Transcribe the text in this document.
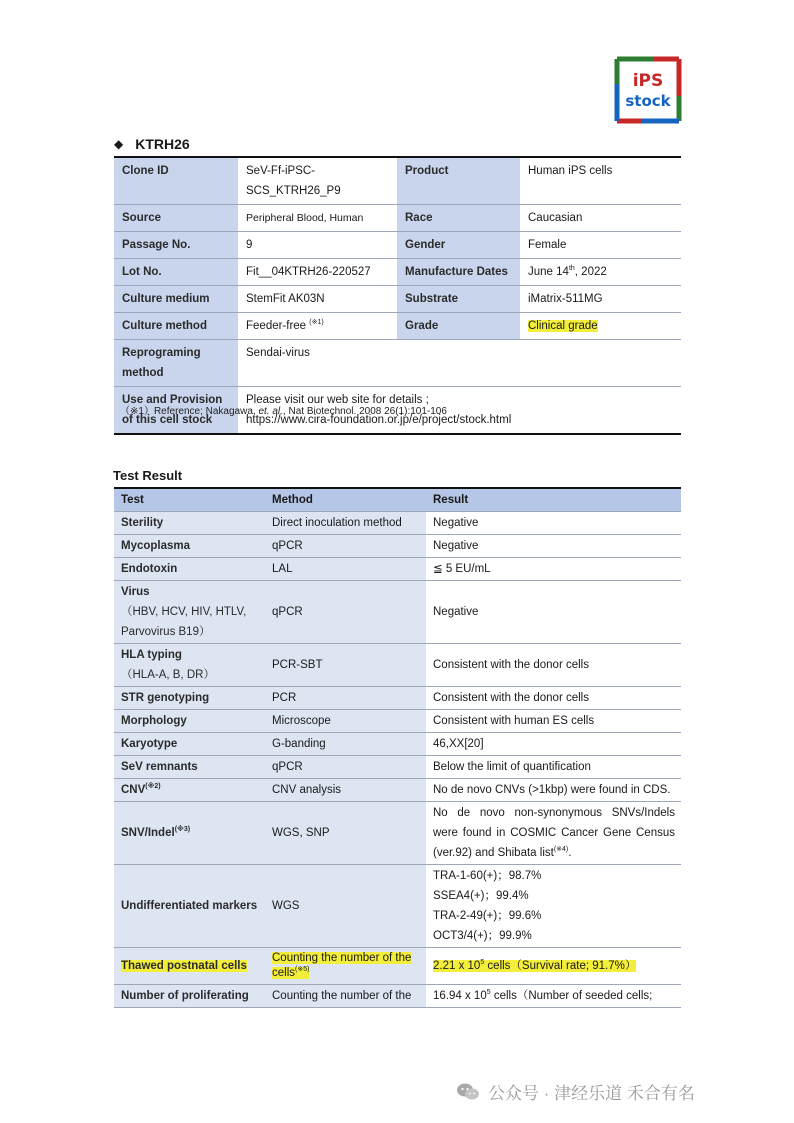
iPS
stock
◆ KTRH26
Clone ID	SeV-Ff-iPSC-SCS_KTRH26_P9	Product	Human iPS cells
Source	Peripheral Blood, Human	Race	Caucasian
Passage No.	9	Gender	Female
Lot No.	Fit__04KTRH26-220527	Manufacture Dates	June 14th, 2022
Culture medium	StemFit AK03N	Substrate	iMatrix-511MG
Culture method	Feeder-free $^{(※1)}$	Grade	Clinical grade
Reprograming method	Sendai-virus		
Use and Provision of this cell stock	Please visit our web site for details ;
https://www.cira-foundation.or.jp/e/project/stock.html		
（※1）Reference; Nakagawa, et. al., Nat Biotechnol. 2008 26(1):101-106
Test Result
Test	Method	Result
Sterility	Direct inoculation method	Negative
Mycoplasma	qPCR	Negative
Endotoxin	LAL	≦ 5 EU/mL

Virus
（HBV, HCV, HIV, HTLV,
Parvovirus B19）	qPCR	Negative

HLA typing
（HLA-A, B, DR）	PCR-SBT	Consistent with the donor cells
STR genotyping	PCR	Consistent with the donor cells
Morphology	Microscope	Consistent with human ES cells
Karyotype	G-banding	46,XX[20]
SeV remnants	qPCR	Below the limit of quantification
$CNV^{(※2)}$	CNV analysis	No de novo CNVs (>1kbp) were found in CDS.
SNV/Indel$^{(※3)}$	WGS, SNP	No de novo non-synonymous SNVs/Indels were found in COSMIC Cancer Gene Census (ver.92) and Shibata list$^{(※4)}$.
Undifferentiated markers	WGS	TRA-1-60(+)；98.7%
SSEA4(+)；99.4%
TRA-2-49(+)；99.6%
OCT3/4(+)；99.9%

Thawed postnatal cells	Counting the number of the cells$^{(※5)}$	2.21 x $10^5$ cells（Survival rate; 91.7%）
Number of proliferating	Counting the number of the	16.94 x $10^5$ cells（Number of seeded cells;
公众号 · 津经乐道 禾合有名
